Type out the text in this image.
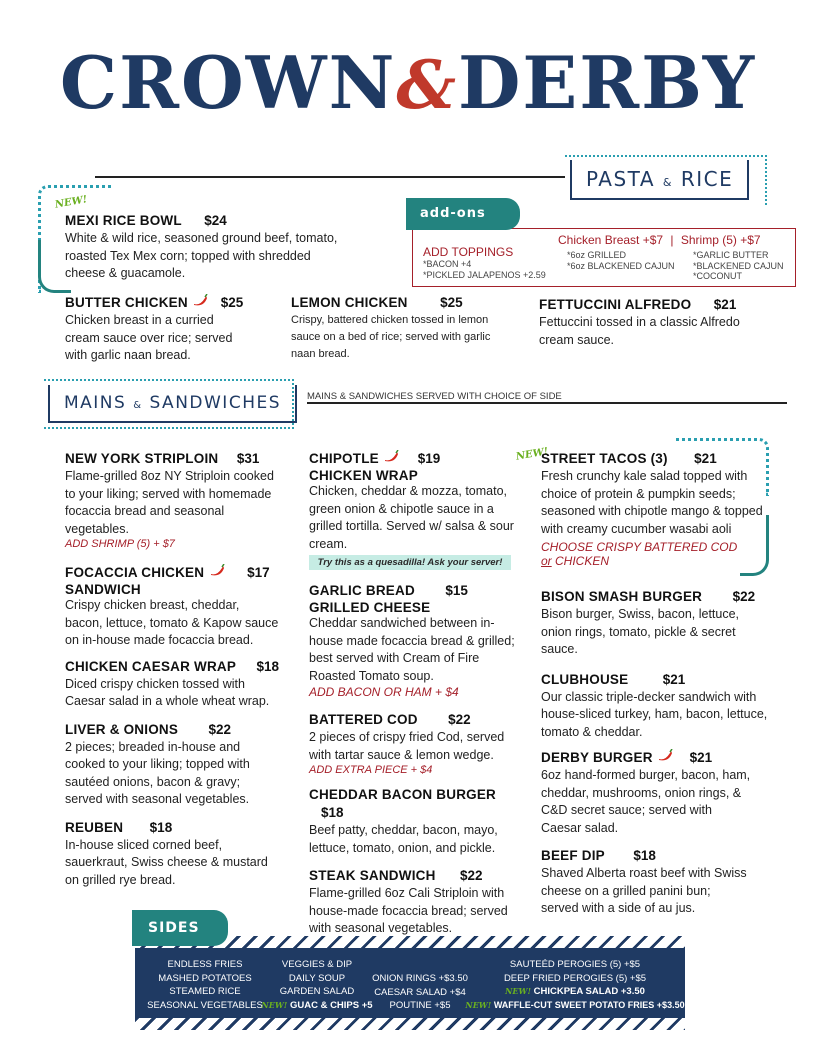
CROWN&DERBY
PASTA & RICE
NEW!
MEXI RICE BOWL $24
White & wild rice, seasoned ground beef, tomato, roasted Tex Mex corn; topped with shredded cheese & guacamole.
BUTTER CHICKEN $25
Chicken breast in a curried cream sauce over rice; served with garlic naan bread.
LEMON CHICKEN $25
Crispy, battered chicken tossed in lemon sauce on a bed of rice; served with garlic naan bread.
FETTUCCINI ALFREDO $21
Fettuccini tossed in a classic Alfredo cream sauce.
add-ons
ADD TOPPINGS
*BACON +4
*PICKLED JALAPENOS +2.59
Chicken Breast +$7 | Shrimp (5) +$7
*6oz GRILLED
*6oz BLACKENED CAJUN
*GARLIC BUTTER
*BLACKENED CAJUN
*COCONUT
MAINS & SANDWICHES	MAINS & SANDWICHES SERVED WITH CHOICE OF SIDE
NEW YORK STRIPLOIN $31
Flame-grilled 8oz NY Striploin cooked to your liking; served with homemade focaccia bread and seasonal vegetables.
ADD SHRIMP (5) + $7
FOCACCIA CHICKEN	$17
SANDWICH
Crispy chicken breast, cheddar, bacon, lettuce, tomato & Kapow sauce on in-house made focaccia bread.
CHICKEN CAESAR WRAP $18
Diced crispy chicken tossed with Caesar salad in a whole wheat wrap.
LIVER & ONIONS $22
2 pieces; breaded in-house and cooked to your liking; topped with sautéed onions, bacon & gravy; served with seasonal vegetables.
REUBEN $18
In-house sliced corned beef, sauerkraut, Swiss cheese & mustard on grilled rye bread.
CHIPOTLE	$19
CHICKEN WRAP
Chicken, cheddar & mozza, tomato, green onion & chipotle sauce in a grilled tortilla. Served w/ salsa & sour cream.
Try this as a quesadilla! Ask your server!
GARLIC BREAD $15
GRILLED CHEESE
Cheddar sandwiched between in-house made focaccia bread & grilled; best served with Cream of Fire Roasted Tomato soup.
ADD BACON OR HAM + $4
BATTERED COD $22
2 pieces of crispy fried Cod, served with tartar sauce & lemon wedge.
ADD EXTRA PIECE + $4
CHEDDAR BACON BURGER $18
Beef patty, cheddar, bacon, mayo, lettuce, tomato, onion, and pickle.
STEAK SANDWICH $22
Flame-grilled 6oz Cali Striploin with house-made focaccia bread; served with seasonal vegetables.
NEW!
STREET TACOS (3) $21
Fresh crunchy kale salad topped with choice of protein & pumpkin seeds; seasoned with chipotle mango & topped with creamy cucumber wasabi aoli
CHOOSE CRISPY BATTERED COD
or CHICKEN
BISON SMASH BURGER $22
Bison burger, Swiss, bacon, lettuce, onion rings, tomato, pickle & secret sauce.
CLUBHOUSE	$21
Our classic triple-decker sandwich with house-sliced turkey, ham, bacon, lettuce, tomato & cheddar.
DERBY BURGER	$21
6oz hand-formed burger, bacon, ham, cheddar, mushrooms, onion rings, & C&D secret sauce; served with Caesar salad.
BEEF DIP $18
Shaved Alberta roast beef with Swiss cheese on a grilled panini bun; served with a side of au jus.
ENDLESS FRIES
MASHED POTATOES
STEAMED RICE
SEASONAL VEGETABLES
VEGGIES & DIP
DAILY SOUP
GARDEN SALAD
NEW! GUAC & CHIPS +5
ONION RINGS +$3.50
CAESAR SALAD +$4
POUTINE +$5
SAUTEÉD PEROGIES (5) +$5
DEEP FRIED PEROGIES (5) +$5
NEW! CHICKPEA SALAD +3.50
NEW! WAFFLE-CUT SWEET POTATO FRIES +$3.50
SIDES
